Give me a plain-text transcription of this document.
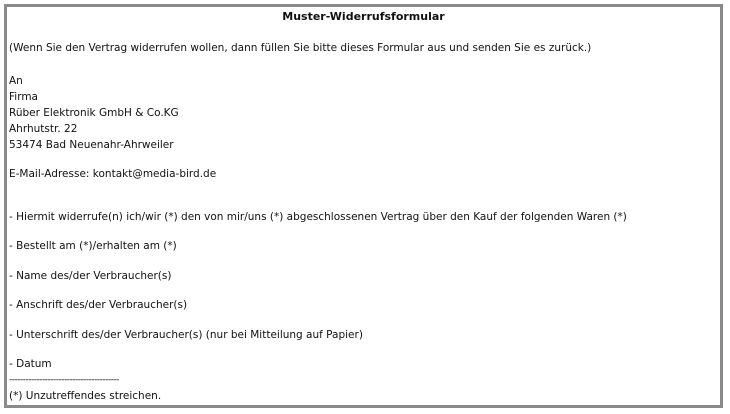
Muster-Widerrufsformular
(Wenn Sie den Vertrag widerrufen wollen, dann füllen Sie bitte dieses Formular aus und senden Sie es zurück.)
An
Firma
Rüber Elektronik GmbH & Co.KG
Ahrhutstr. 22
53474 Bad Neuenahr-Ahrweiler
E-Mail-Adresse: kontakt@media-bird.de
- Hiermit widerrufe(n) ich/wir (*) den von mir/uns (*) abgeschlossenen Vertrag über den Kauf der folgenden Waren (*)
- Bestellt am (*)/erhalten am (*)
- Name des/der Verbraucher(s)
- Anschrift des/der Verbraucher(s)
- Unterschrift des/der Verbraucher(s) (nur bei Mitteilung auf Papier)
- Datum
----------------------------------------
(*) Unzutreffendes streichen.
